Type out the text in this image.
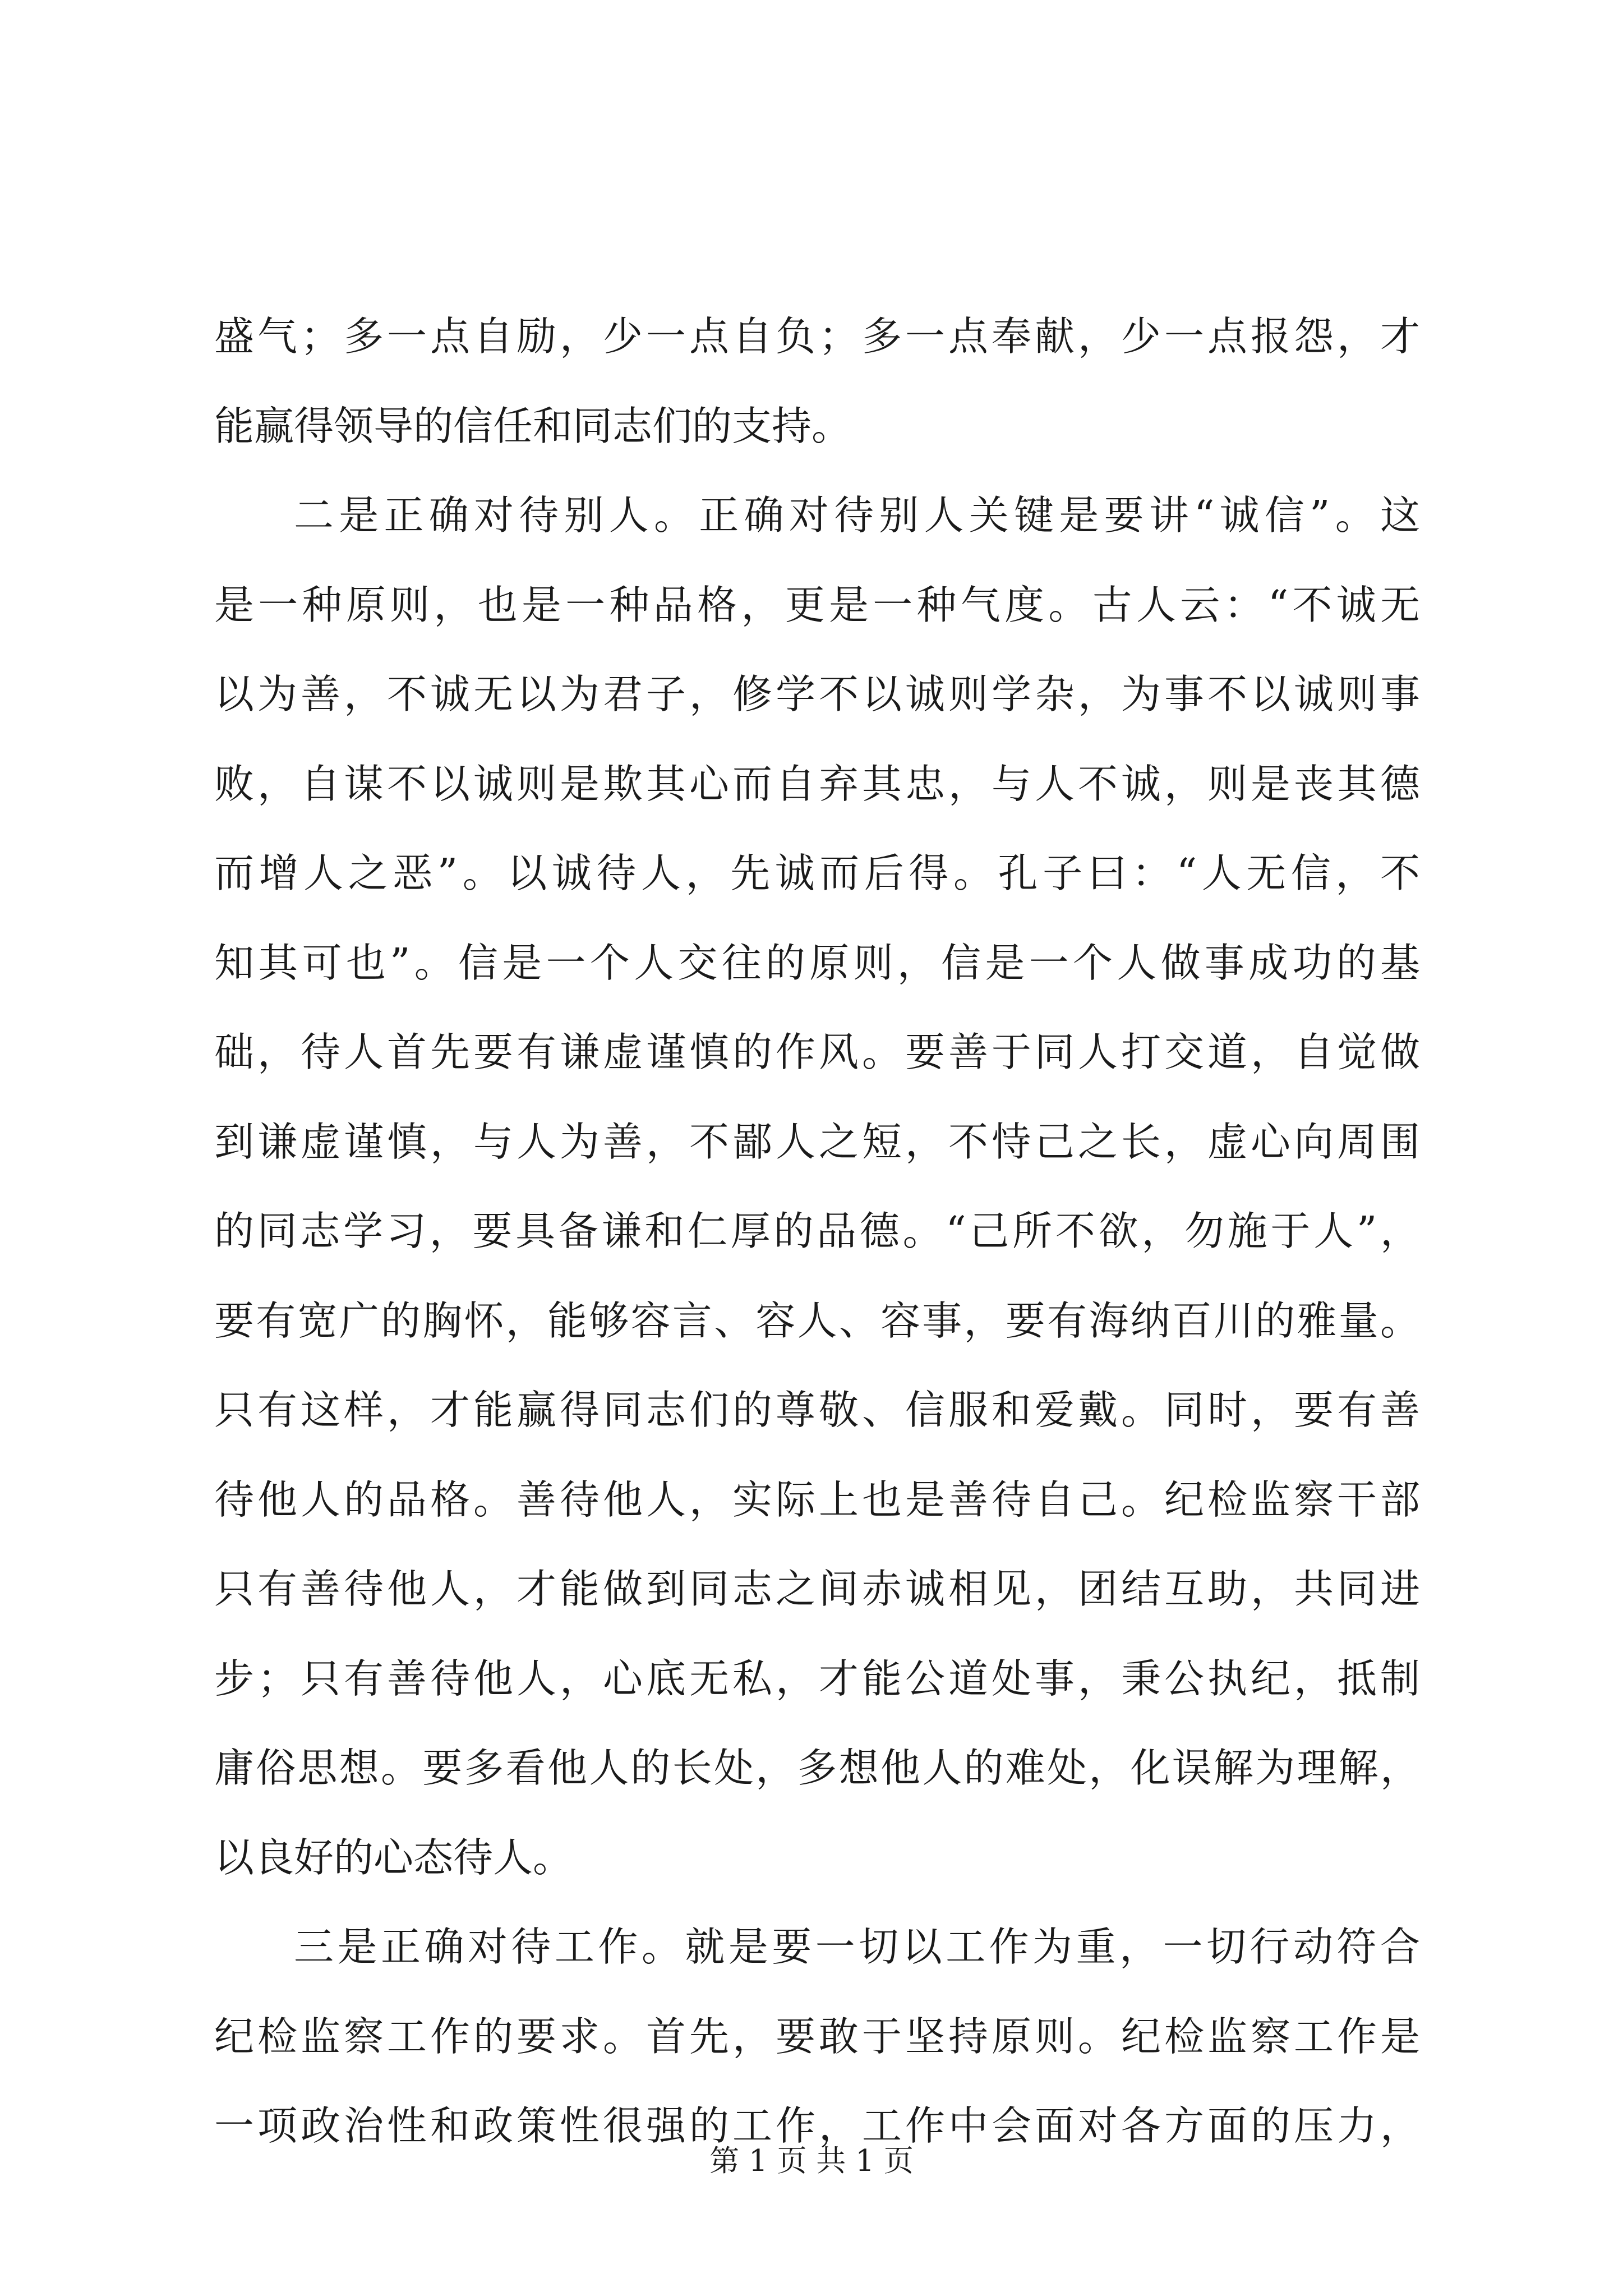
盛气；多一点自励，少一点自负；多一点奉献，少一点报怨，才
能赢得领导的信任和同志们的支持。
二是正确对待别人。正确对待别人关键是要讲“诚信”。这
是一种原则，也是一种品格，更是一种气度。古人云：“不诚无
以为善，不诚无以为君子，修学不以诚则学杂，为事不以诚则事
败，自谋不以诚则是欺其心而自弃其忠，与人不诚，则是丧其德
而增人之恶”。以诚待人，先诚而后得。孔子曰：“人无信，不
知其可也”。信是一个人交往的原则，信是一个人做事成功的基
础，待人首先要有谦虚谨慎的作风。要善于同人打交道，自觉做
到谦虚谨慎，与人为善，不鄙人之短，不恃己之长，虚心向周围
的同志学习，要具备谦和仁厚的品德。“己所不欲，勿施于人”，
要有宽广的胸怀，能够容言、容人、容事，要有海纳百川的雅量。
只有这样，才能赢得同志们的尊敬、信服和爱戴。同时，要有善
待他人的品格。善待他人，实际上也是善待自己。纪检监察干部
只有善待他人，才能做到同志之间赤诚相见，团结互助，共同进
步；只有善待他人，心底无私，才能公道处事，秉公执纪，抵制
庸俗思想。要多看他人的长处，多想他人的难处，化误解为理解，
以良好的心态待人。
三是正确对待工作。就是要一切以工作为重，一切行动符合
纪检监察工作的要求。首先，要敢于坚持原则。纪检监察工作是
一项政治性和政策性很强的工作，工作中会面对各方面的压力，
第 1 页 共 1 页
